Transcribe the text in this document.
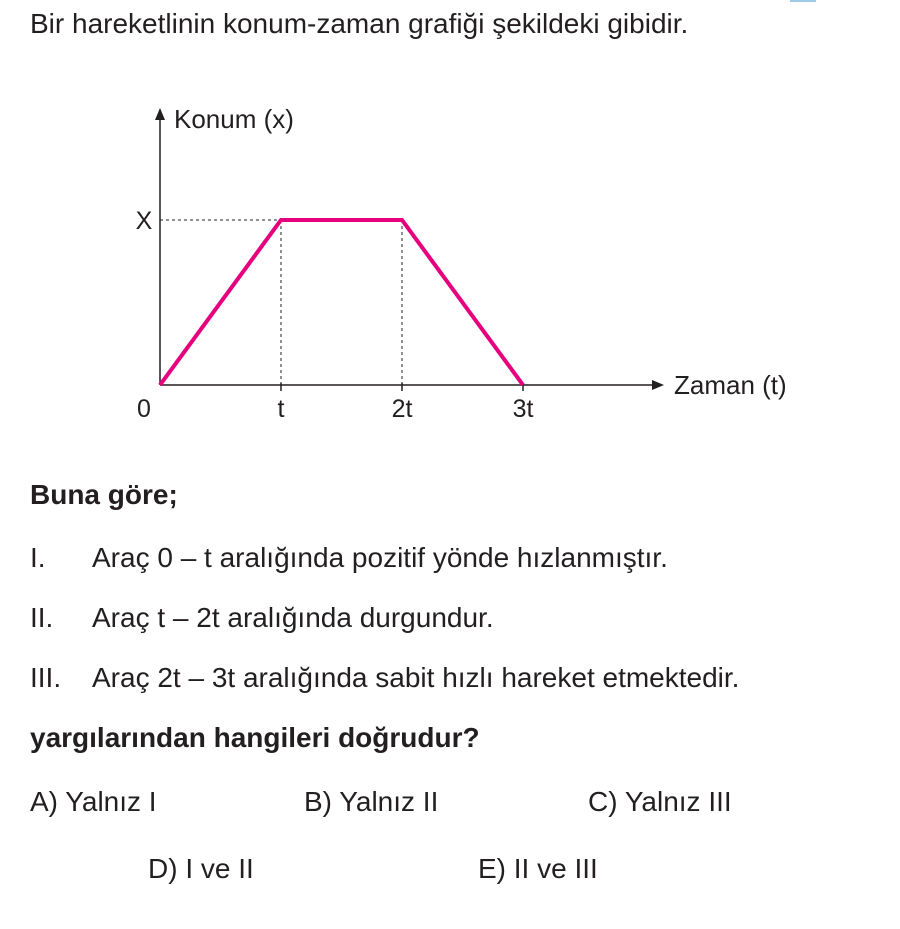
Bir hareketlinin konum-zaman grafiği şekildeki gibidir.
Konum (x)
Zaman (t)
0	t	2t	3t
X
Buna göre;
I. Araç 0 – t aralığında pozitif yönde hızlanmıştır.
II. Araç t – 2t aralığında durgundur.
III. Araç 2t – 3t aralığında sabit hızlı hareket etmektedir.
yargılarından hangileri doğrudur?
A) Yalnız I	B) Yalnız II	C) Yalnız III
D) I ve II	E) II ve III
